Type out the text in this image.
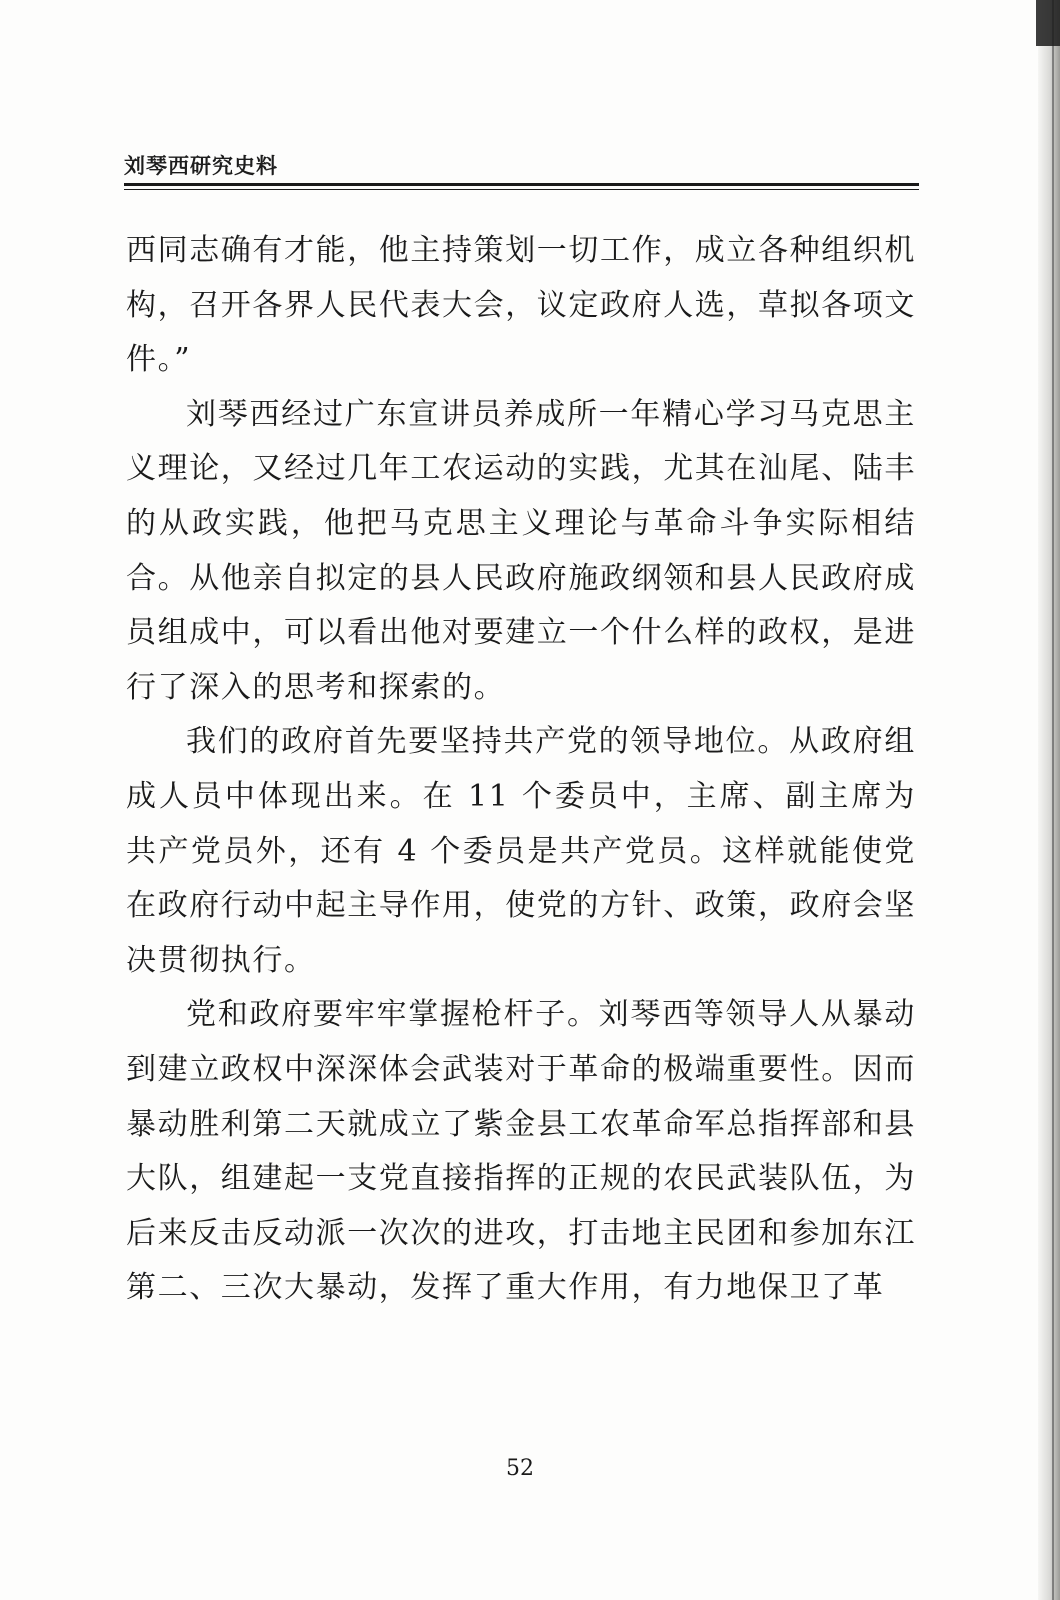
刘琴西研究史料

西同志确有才能，他主持策划一切工作，成立各种组织机构，召开各界人民代表大会，议定政府人选，草拟各项文件。”

刘琴西经过广东宣讲员养成所一年精心学习马克思主义理论，又经过几年工农运动的实践，尤其在汕尾、陆丰的从政实践，他把马克思主义理论与革命斗争实际相结合。从他亲自拟定的县人民政府施政纲领和县人民政府成员组成中，可以看出他对要建立一个什么样的政权，是进行了深入的思考和探索的。

我们的政府首先要坚持共产党的领导地位。从政府组成人员中体现出来。在 11 个委员中，主席、副主席为共产党员外，还有 4 个委员是共产党员。这样就能使党在政府行动中起主导作用，使党的方针、政策，政府会坚决贯彻执行。

党和政府要牢牢掌握枪杆子。刘琴西等领导人从暴动到建立政权中深深体会武装对于革命的极端重要性。因而暴动胜利第二天就成立了紫金县工农革命军总指挥部和县大队，组建起一支党直接指挥的正规的农民武装队伍，为后来反击反动派一次次的进攻，打击地主民团和参加东江第二、三次大暴动，发挥了重大作用，有力地保卫了革

52
